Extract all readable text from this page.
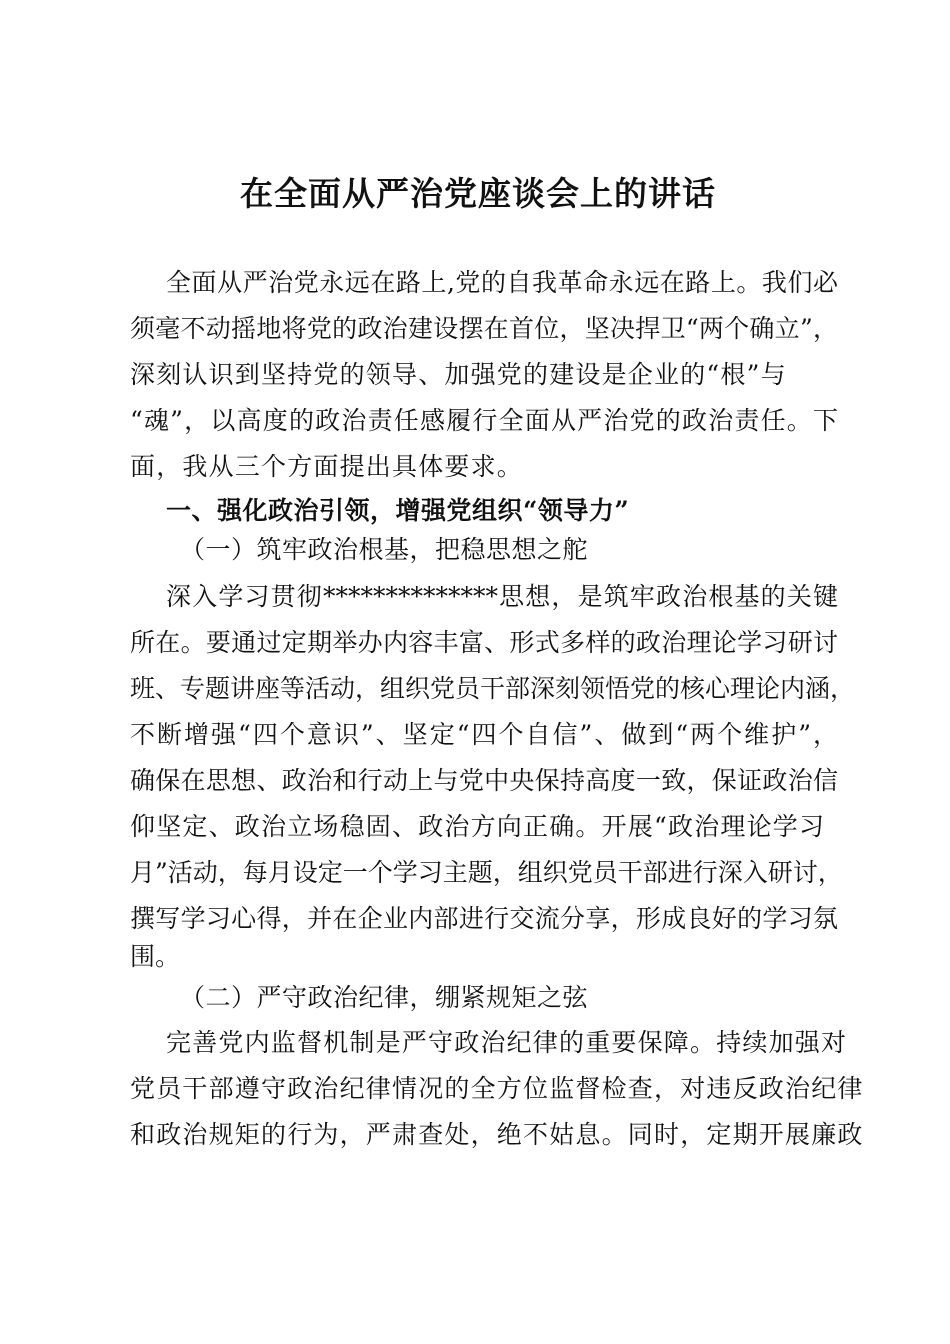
在全面从严治党座谈会上的讲话
全面从严治党永远在路上,党的自我革命永远在路上。我们必
须毫不动摇地将党的政治建设摆在首位，坚决捍卫“两个确立”，
深刻认识到坚持党的领导、加强党的建设是企业的“根”与
“魂”，以高度的政治责任感履行全面从严治党的政治责任。下
面，我从三个方面提出具体要求。
一、强化政治引领，增强党组织“领导力”
（一）筑牢政治根基，把稳思想之舵
深入学习贯彻**************思想，是筑牢政治根基的关键
所在。要通过定期举办内容丰富、形式多样的政治理论学习研讨
班、专题讲座等活动，组织党员干部深刻领悟党的核心理论内涵，
不断增强“四个意识”、坚定“四个自信”、做到“两个维护”，
确保在思想、政治和行动上与党中央保持高度一致，保证政治信
仰坚定、政治立场稳固、政治方向正确。开展“政治理论学习
月”活动，每月设定一个学习主题，组织党员干部进行深入研讨，
撰写学习心得，并在企业内部进行交流分享，形成良好的学习氛
围。
（二）严守政治纪律，绷紧规矩之弦
完善党内监督机制是严守政治纪律的重要保障。持续加强对
党员干部遵守政治纪律情况的全方位监督检查，对违反政治纪律
和政治规矩的行为，严肃查处，绝不姑息。同时，定期开展廉政
